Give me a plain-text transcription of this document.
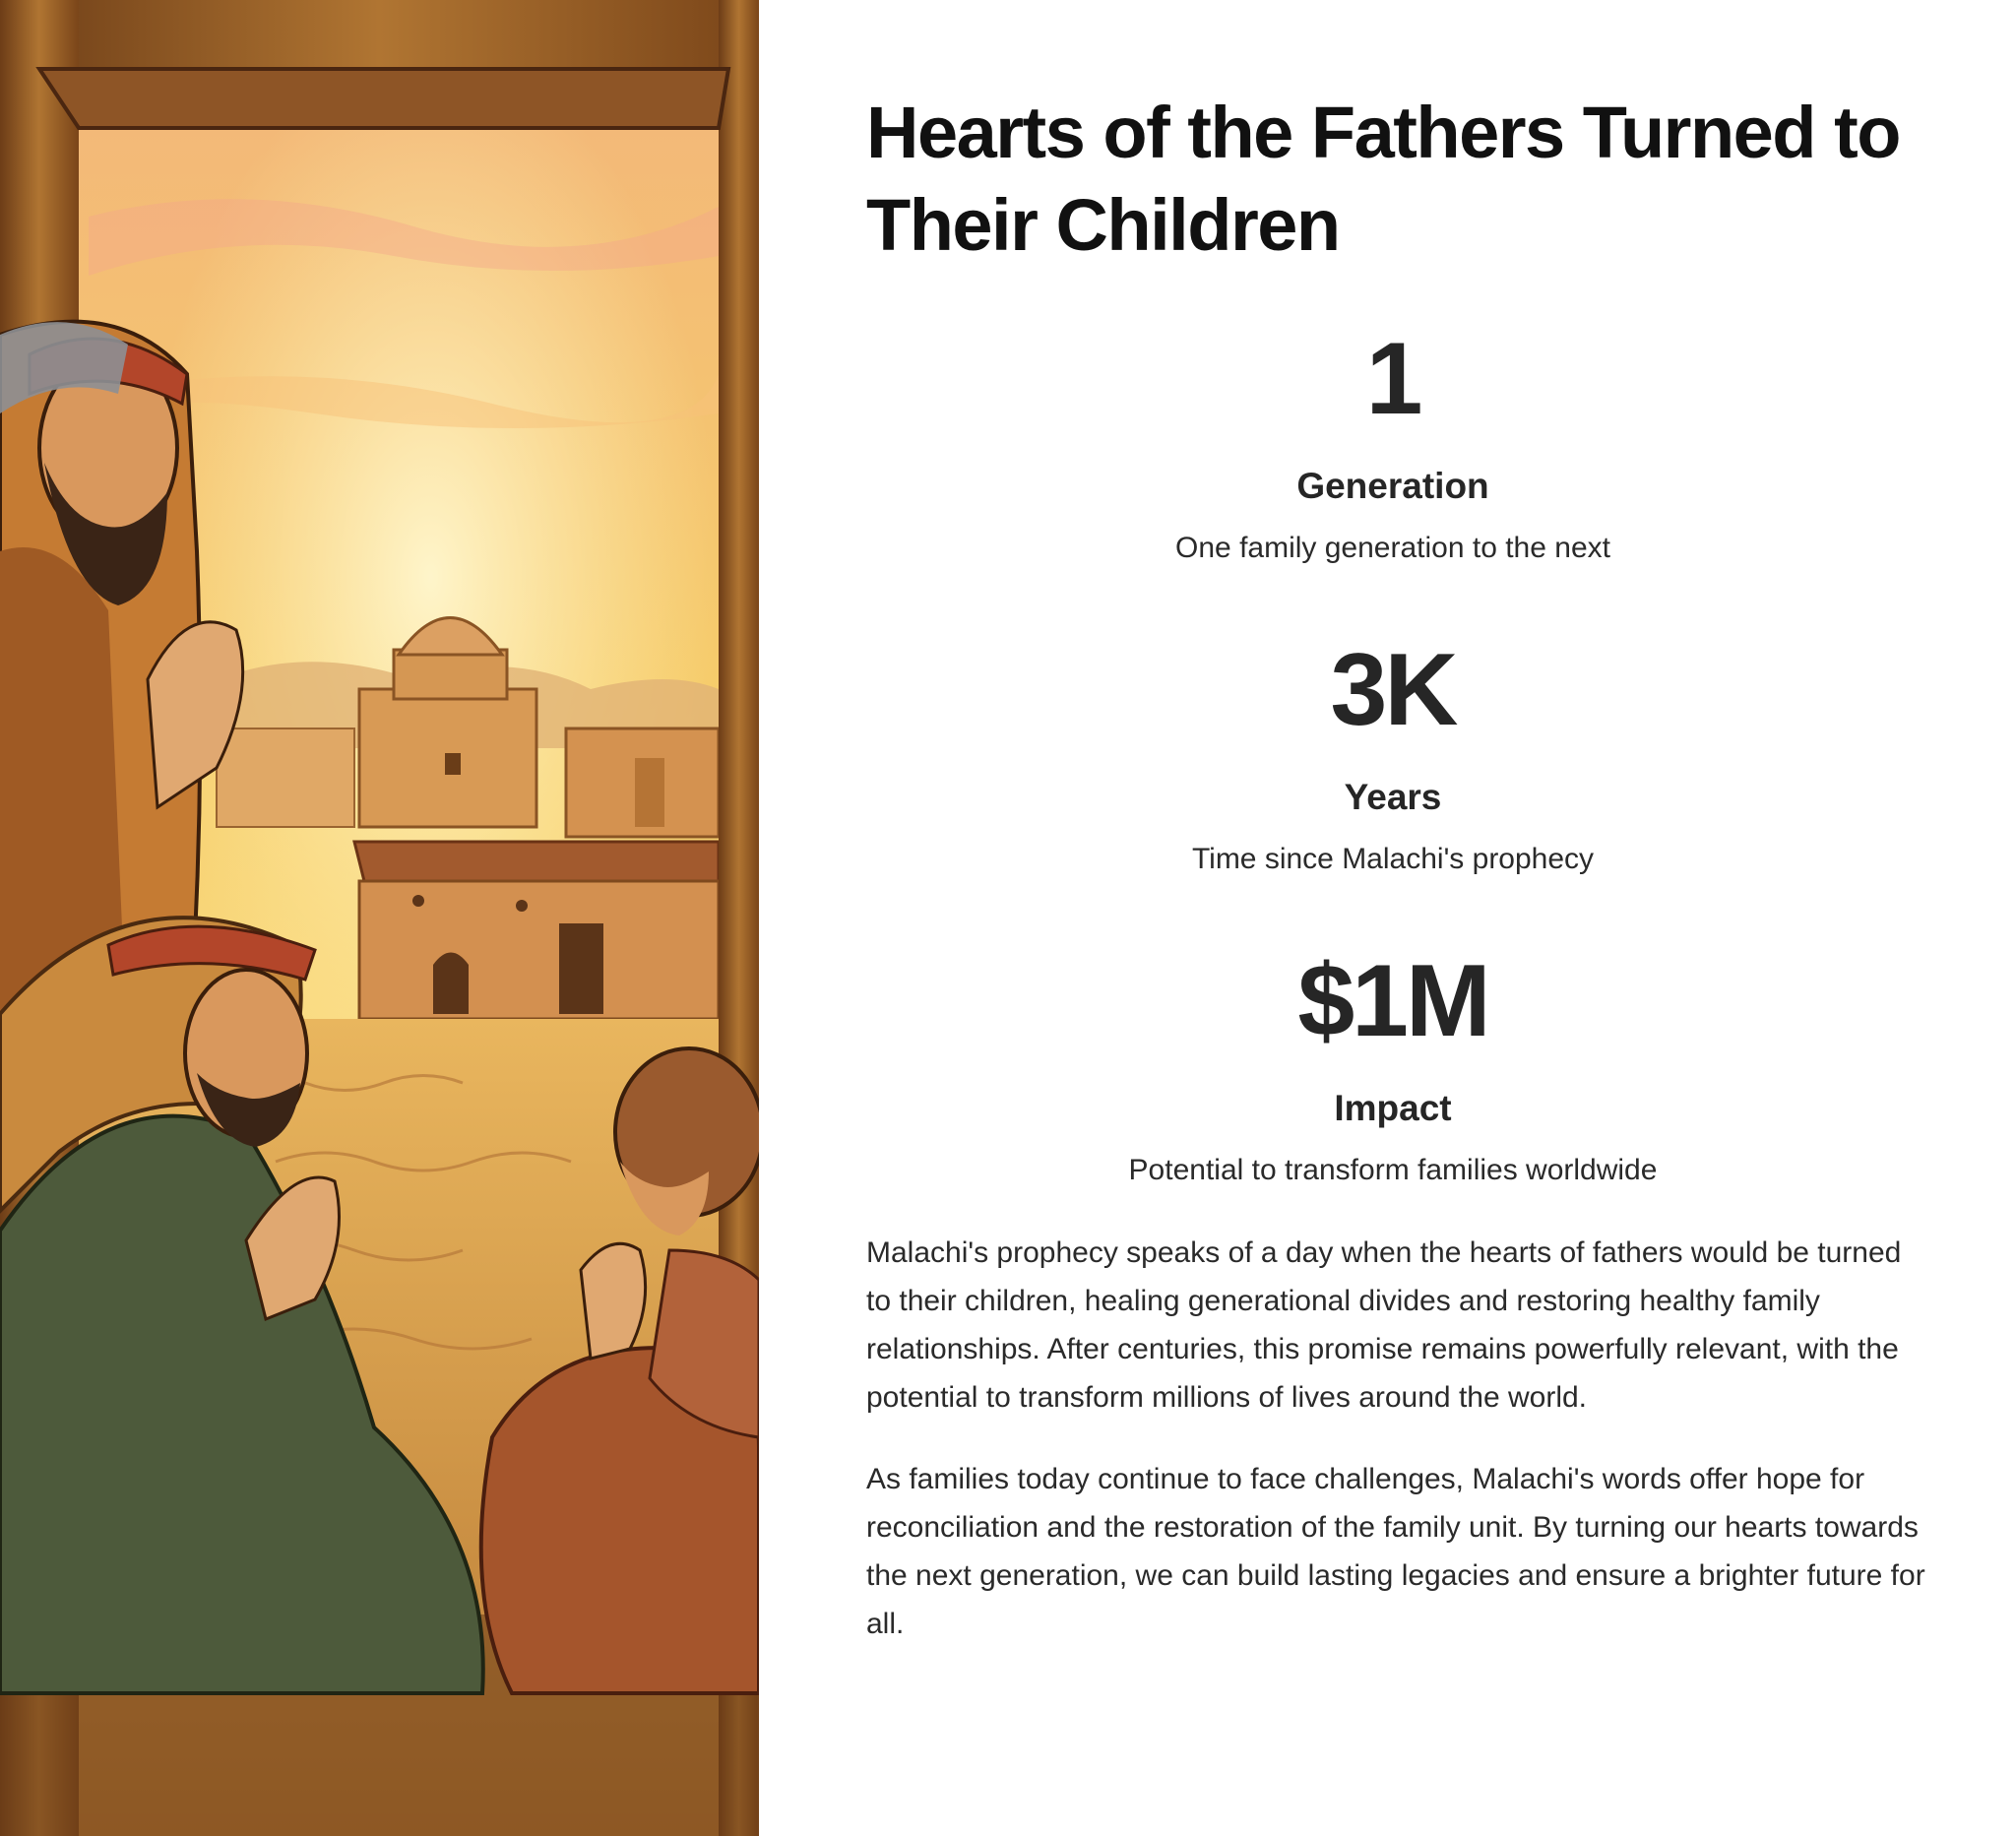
Hearts of the Fathers Turned to Their Children
1
Generation
One family generation to the next
3K
Years
Time since Malachi's prophecy
$1M
Impact
Potential to transform families worldwide

Malachi's prophecy speaks of a day when the hearts of fathers would be turned to their children, healing generational divides and restoring healthy family relationships. After centuries, this promise remains powerfully relevant, with the potential to transform millions of lives around the world.

As families today continue to face challenges, Malachi's words offer hope for reconciliation and the restoration of the family unit. By turning our hearts towards the next generation, we can build lasting legacies and ensure a brighter future for all.
